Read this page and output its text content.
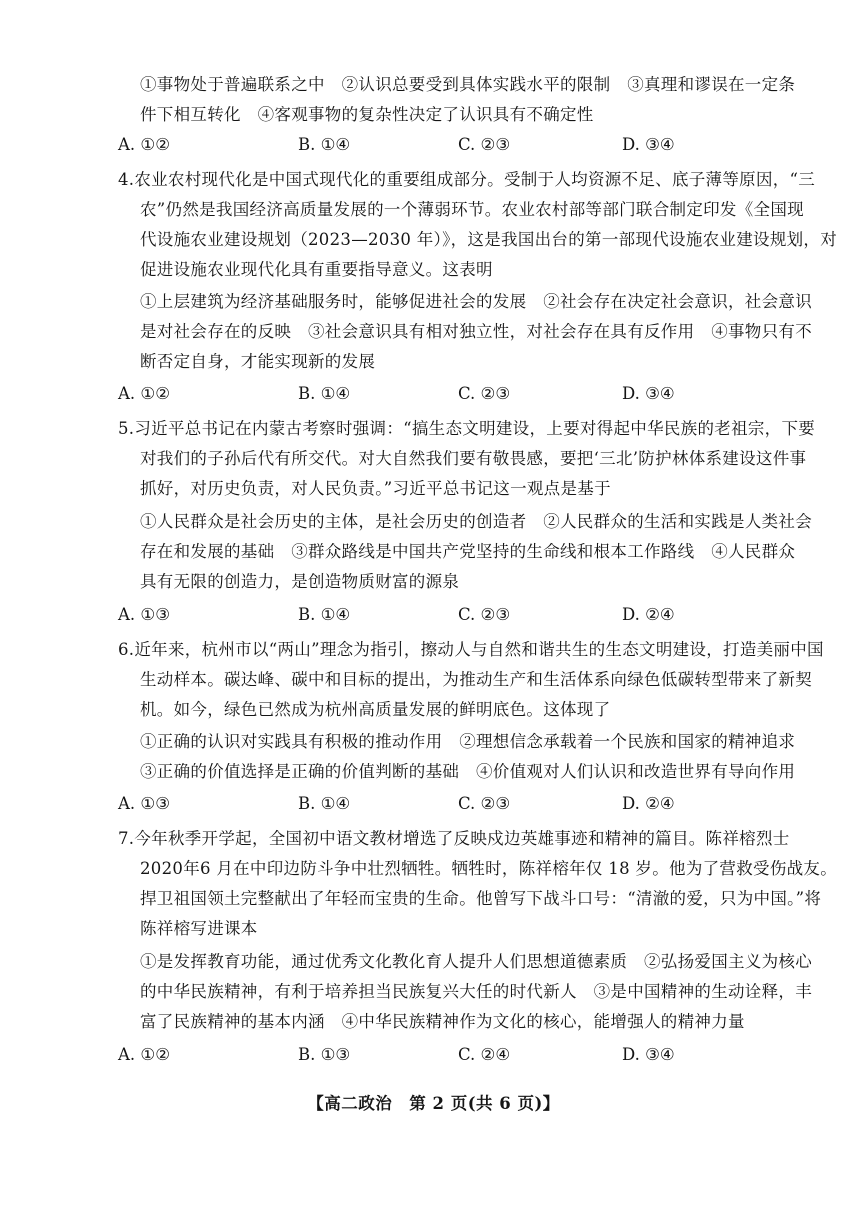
①事物处于普遍联系之中　②认识总要受到具体实践水平的限制　③真理和谬误在一定条
件下相互转化　④客观事物的复杂性决定了认识具有不确定性
A. ①②	B. ①④	C. ②③	D. ③④
4.农业农村现代化是中国式现代化的重要组成部分。受制于人均资源不足、底子薄等原因，“三
农”仍然是我国经济高质量发展的一个薄弱环节。农业农村部等部门联合制定印发《全国现
代设施农业建设规划（2023—2030 年）》，这是我国出台的第一部现代设施农业建设规划，对
促进设施农业现代化具有重要指导意义。这表明
①上层建筑为经济基础服务时，能够促进社会的发展　②社会存在决定社会意识，社会意识
是对社会存在的反映　③社会意识具有相对独立性，对社会存在具有反作用　④事物只有不
断否定自身，才能实现新的发展
A. ①②	B. ①④	C. ②③	D. ③④
5.习近平总书记在内蒙古考察时强调：“搞生态文明建设，上要对得起中华民族的老祖宗，下要
对我们的子孙后代有所交代。对大自然我们要有敬畏感，要把‘三北’防护林体系建设这件事
抓好，对历史负责，对人民负责。”习近平总书记这一观点是基于
①人民群众是社会历史的主体，是社会历史的创造者　②人民群众的生活和实践是人类社会
存在和发展的基础　③群众路线是中国共产党坚持的生命线和根本工作路线　④人民群众
具有无限的创造力，是创造物质财富的源泉
A. ①③	B. ①④	C. ②③	D. ②④
6.近年来，杭州市以“两山”理念为指引，擦动人与自然和谐共生的生态文明建设，打造美丽中国
生动样本。碳达峰、碳中和目标的提出，为推动生产和生活体系向绿色低碳转型带来了新契
机。如今，绿色已然成为杭州高质量发展的鲜明底色。这体现了
①正确的认识对实践具有积极的推动作用　②理想信念承载着一个民族和国家的精神追求
③正确的价值选择是正确的价值判断的基础　④价值观对人们认识和改造世界有导向作用
A. ①③	B. ①④	C. ②③	D. ②④
7.今年秋季开学起，全国初中语文教材增选了反映戍边英雄事迹和精神的篇目。陈祥榕烈士
2020年6 月在中印边防斗争中壮烈牺牲。牺牲时，陈祥榕年仅 18 岁。他为了营救受伤战友。
捍卫祖国领土完整献出了年轻而宝贵的生命。他曾写下战斗口号：“清澈的爱，只为中国。”将
陈祥榕写进课本
①是发挥教育功能，通过优秀文化教化育人提升人们思想道德素质　②弘扬爱国主义为核心
的中华民族精神，有利于培养担当民族复兴大任的时代新人　③是中国精神的生动诠释，丰
富了民族精神的基本内涵　④中华民族精神作为文化的核心，能增强人的精神力量
A. ①②	B. ①③	C. ②④	D. ③④
【高二政治　第 2 页(共 6 页)】
